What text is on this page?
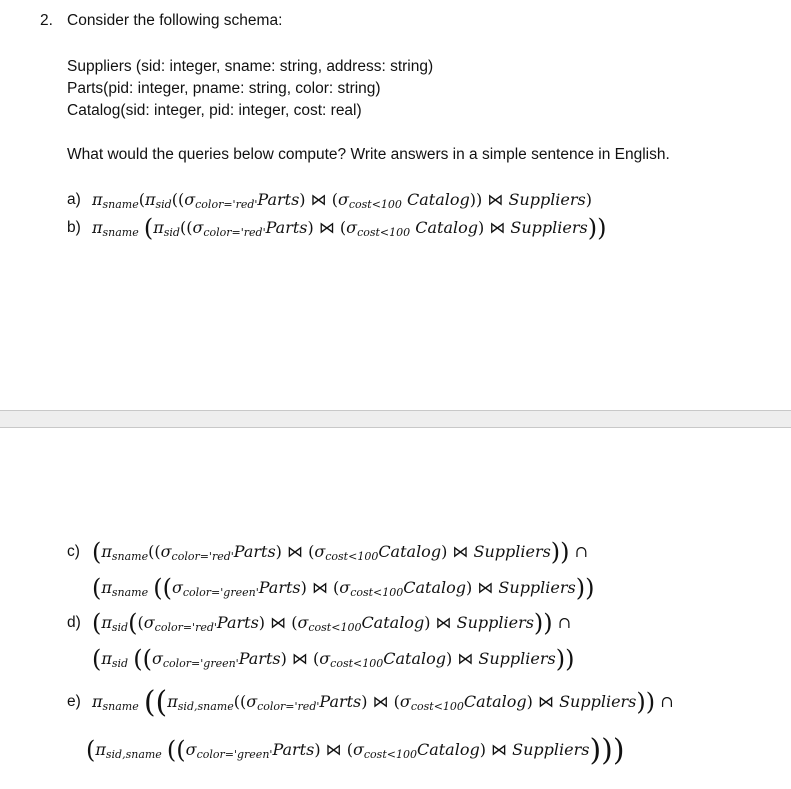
2. Consider the following schema:
Suppliers (sid: integer, sname: string, address: string)
Parts(pid: integer, pname: string, color: string)
Catalog(sid: integer, pid: integer, cost: real)
What would the queries below compute? Write answers in a simple sentence in English.
a) $\pi_{sname}(\pi_{sid}((\sigma_{color='red'}Parts)$ ⋈ ($\sigma_{cost<100}$ Catalog)) ⋈ Suppliers)
b) $\pi_{sname}$ ($\pi_{sid}((\sigma_{color='red'}Parts)$ ⋈ ($\sigma_{cost<100}$ Catalog) ⋈ Suppliers))
c) ($\pi_{sname}((\sigma_{color='red'}Parts)$ ⋈ $(\sigma_{cost<100}Catalog)$ ⋈ Suppliers)) ∩
($\pi_{sname}$ ($(\sigma_{color='green'}Parts)$ ⋈ $(\sigma_{cost<100}Catalog)$ ⋈ Suppliers))
d) ($\pi_{sid}((\sigma_{color='red'}Parts)$ ⋈ $(\sigma_{cost<100}Catalog)$ ⋈ Suppliers)) ∩
($\pi_{sid}$ ($(\sigma_{color='green'}Parts)$ ⋈ $(\sigma_{cost<100}Catalog)$ ⋈ Suppliers))
e) $\pi_{sname}$ (($\pi_{sid,sname}((\sigma_{color='red'}Parts)$ ⋈ $(\sigma_{cost<100}Catalog)$ ⋈ Suppliers)) ∩
($\pi_{sid,sname}$ ($(\sigma_{color='green'}Parts)$ ⋈ $(\sigma_{cost<100}Catalog)$ ⋈ Suppliers)))
